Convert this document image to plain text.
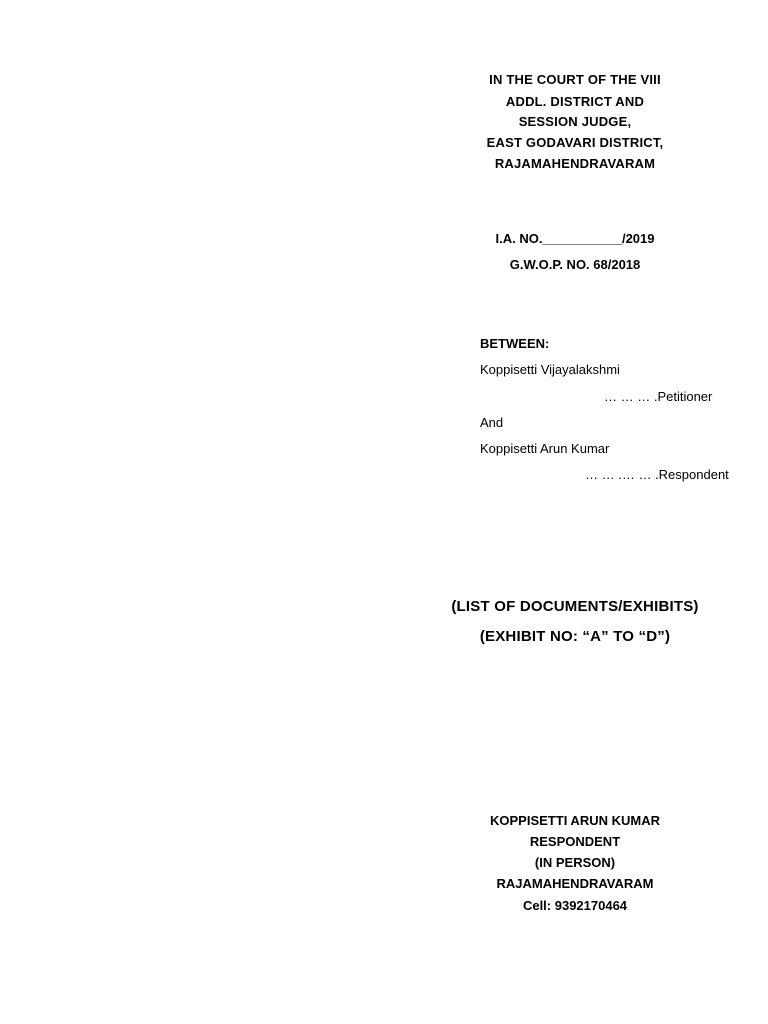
IN THE COURT OF THE VIII
ADDL. DISTRICT AND
SESSION JUDGE,
EAST GODAVARI DISTRICT,
RAJAMAHENDRAVARAM
I.A. NO.___________/2019
G.W.O.P. NO. 68/2018
BETWEEN:
Koppisetti Vijayalakshmi
… … … .Petitioner
And
Koppisetti Arun Kumar
… … .… … .Respondent
(LIST OF DOCUMENTS/EXHIBITS)
(EXHIBIT NO: “A” TO “D”)
KOPPISETTI ARUN KUMAR
RESPONDENT
(IN PERSON)
RAJAMAHENDRAVARAM
Cell: 9392170464
